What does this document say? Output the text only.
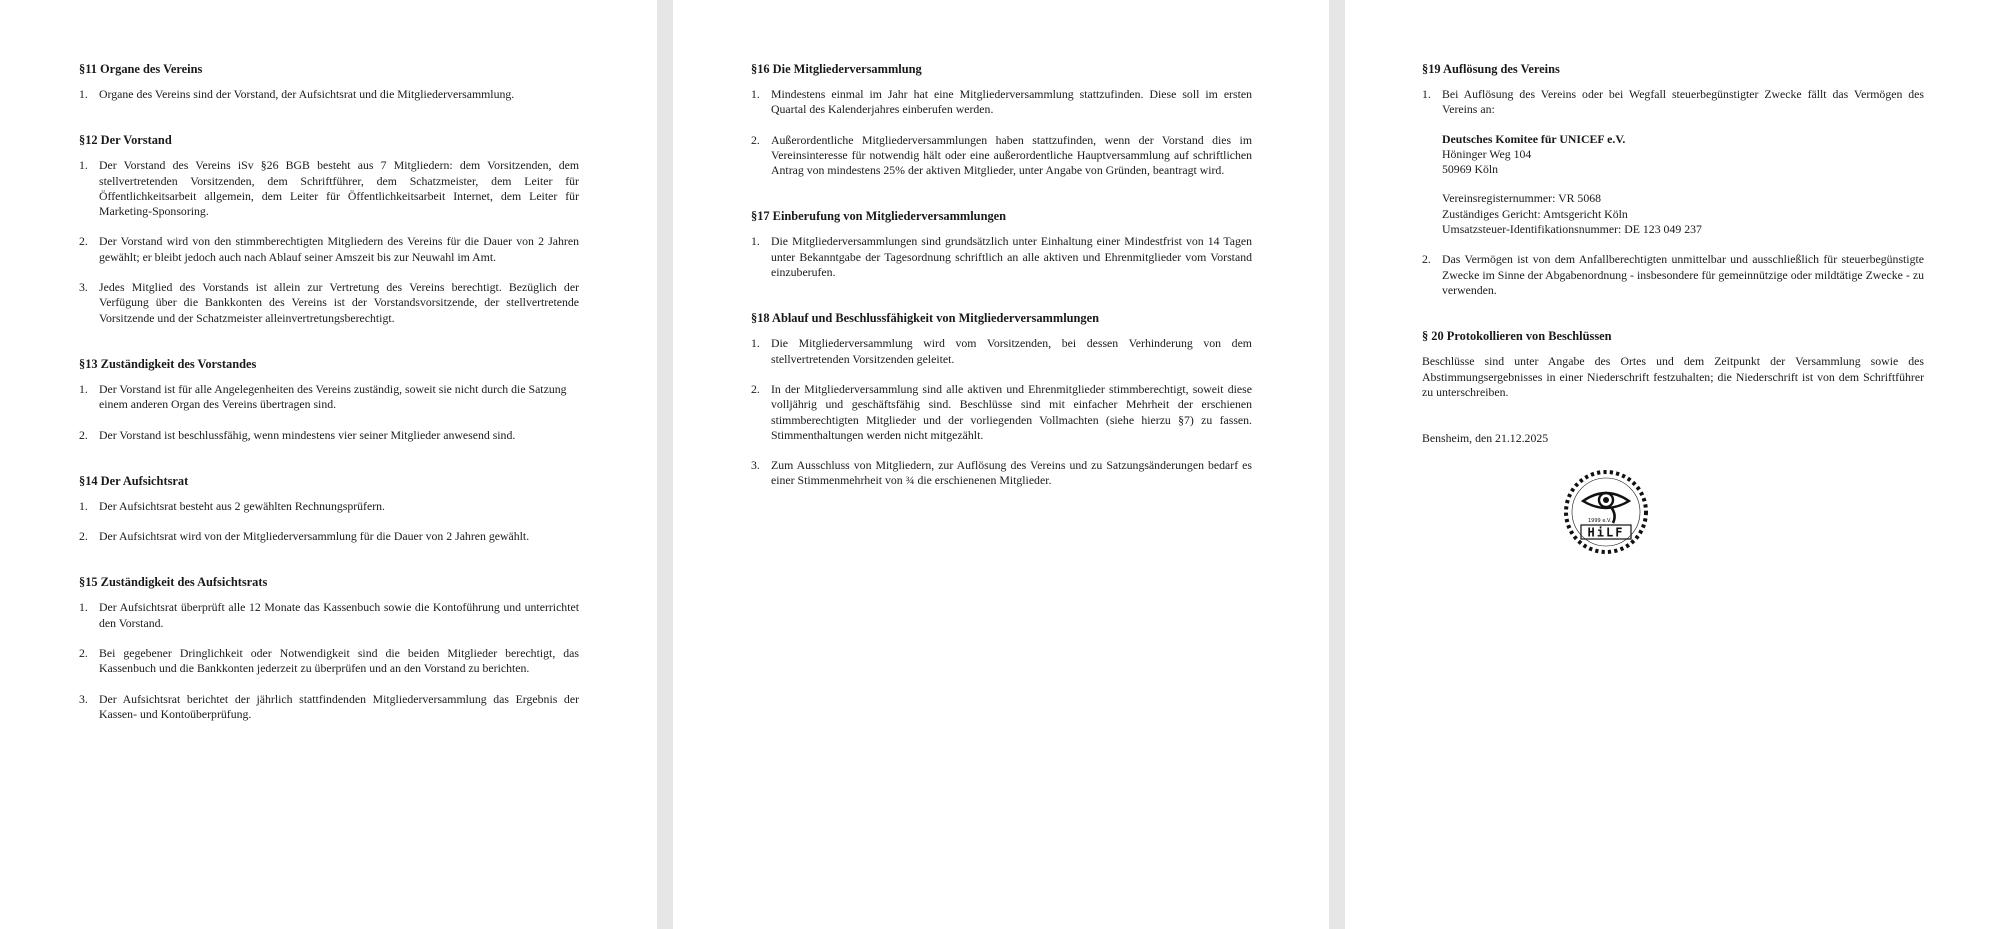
§11 Organe des Vereins
1. Organe des Vereins sind der Vorstand, der Aufsichtsrat und die Mitgliederversammlung.
§12 Der Vorstand
1. Der Vorstand des Vereins iSv §26 BGB besteht aus 7 Mitgliedern: dem Vorsitzenden, dem stellvertretenden Vorsitzenden, dem Schriftführer, dem Schatzmeister, dem Leiter für Öffentlichkeitsarbeit allgemein, dem Leiter für Öffentlichkeitsarbeit Internet, dem Leiter für Marketing-Sponsoring.
2. Der Vorstand wird von den stimmberechtigten Mitgliedern des Vereins für die Dauer von 2 Jahren gewählt; er bleibt jedoch auch nach Ablauf seiner Amszeit bis zur Neuwahl im Amt.
3. Jedes Mitglied des Vorstands ist allein zur Vertretung des Vereins berechtigt. Bezüglich der Verfügung über die Bankkonten des Vereins ist der Vorstandsvorsitzende, der stellvertretende Vorsitzende und der Schatzmeister alleinvertretungsberechtigt.
§13 Zuständigkeit des Vorstandes
1. Der Vorstand ist für alle Angelegenheiten des Vereins zuständig, soweit sie nicht durch die Satzung einem anderen Organ des Vereins übertragen sind.
2. Der Vorstand ist beschlussfähig, wenn mindestens vier seiner Mitglieder anwesend sind.
§14 Der Aufsichtsrat
1. Der Aufsichtsrat besteht aus 2 gewählten Rechnungsprüfern.
2. Der Aufsichtsrat wird von der Mitgliederversammlung für die Dauer von 2 Jahren gewählt.
§15 Zuständigkeit des Aufsichtsrats
1. Der Aufsichtsrat überprüft alle 12 Monate das Kassenbuch sowie die Kontoführung und unterrichtet den Vorstand.
2. Bei gegebener Dringlichkeit oder Notwendigkeit sind die beiden Mitglieder berechtigt, das Kassenbuch und die Bankkonten jederzeit zu überprüfen und an den Vorstand zu berichten.
3. Der Aufsichtsrat berichtet der jährlich stattfindenden Mitgliederversammlung das Ergebnis der Kassen- und Kontoüberprüfung.
§16 Die Mitgliederversammlung
1. Mindestens einmal im Jahr hat eine Mitgliederversammlung stattzufinden. Diese soll im ersten Quartal des Kalenderjahres einberufen werden.
2. Außerordentliche Mitgliederversammlungen haben stattzufinden, wenn der Vorstand dies im Vereinsinteresse für notwendig hält oder eine außerordentliche Hauptversammlung auf schriftlichen Antrag von mindestens 25% der aktiven Mitglieder, unter Angabe von Gründen, beantragt wird.
§17 Einberufung von Mitgliederversammlungen
1. Die Mitgliederversammlungen sind grundsätzlich unter Einhaltung einer Mindestfrist von 14 Tagen unter Bekanntgabe der Tagesordnung schriftlich an alle aktiven und Ehrenmitglieder vom Vorstand einzuberufen.
§18 Ablauf und Beschlussfähigkeit von Mitgliederversammlungen
1. Die Mitgliederversammlung wird vom Vorsitzenden, bei dessen Verhinderung von dem stellvertretenden Vorsitzenden geleitet.
2. In der Mitgliederversammlung sind alle aktiven und Ehrenmitglieder stimmberechtigt, soweit diese volljährig und geschäftsfähig sind. Beschlüsse sind mit einfacher Mehrheit der erschienen stimmberechtigten Mitglieder und der vorliegenden Vollmachten (siehe hierzu §7) zu fassen. Stimmenthaltungen werden nicht mitgezählt.
3. Zum Ausschluss von Mitgliedern, zur Auflösung des Vereins und zu Satzungsänderungen bedarf es einer Stimmenmehrheit von ¾ die erschienenen Mitglieder.
§19 Auflösung des Vereins
1. Bei Auflösung des Vereins oder bei Wegfall steuerbegünstigter Zwecke fällt das Vermögen des Vereins an:
Deutsches Komitee für UNICEF e.V.
Höninger Weg 104
50969 Köln
Vereinsregisternummer: VR 5068
Zuständiges Gericht: Amtsgericht Köln
Umsatzsteuer-Identifikationsnummer: DE 123 049 237
2. Das Vermögen ist von dem Anfallberechtigten unmittelbar und ausschließlich für steuerbegünstigte Zwecke im Sinne der Abgabenordnung - insbesondere für gemeinnützige oder mildtätige Zwecke - zu verwenden.
§ 20 Protokollieren von Beschlüssen

Beschlüsse sind unter Angabe des Ortes und dem Zeitpunkt der Versammlung sowie des Abstimmungsergebnisses in einer Niederschrift festzuhalten; die Niederschrift ist von dem Schriftführer zu unterschreiben.

Bensheim, den 21.12.2025
1999 e.V.
HiLF
